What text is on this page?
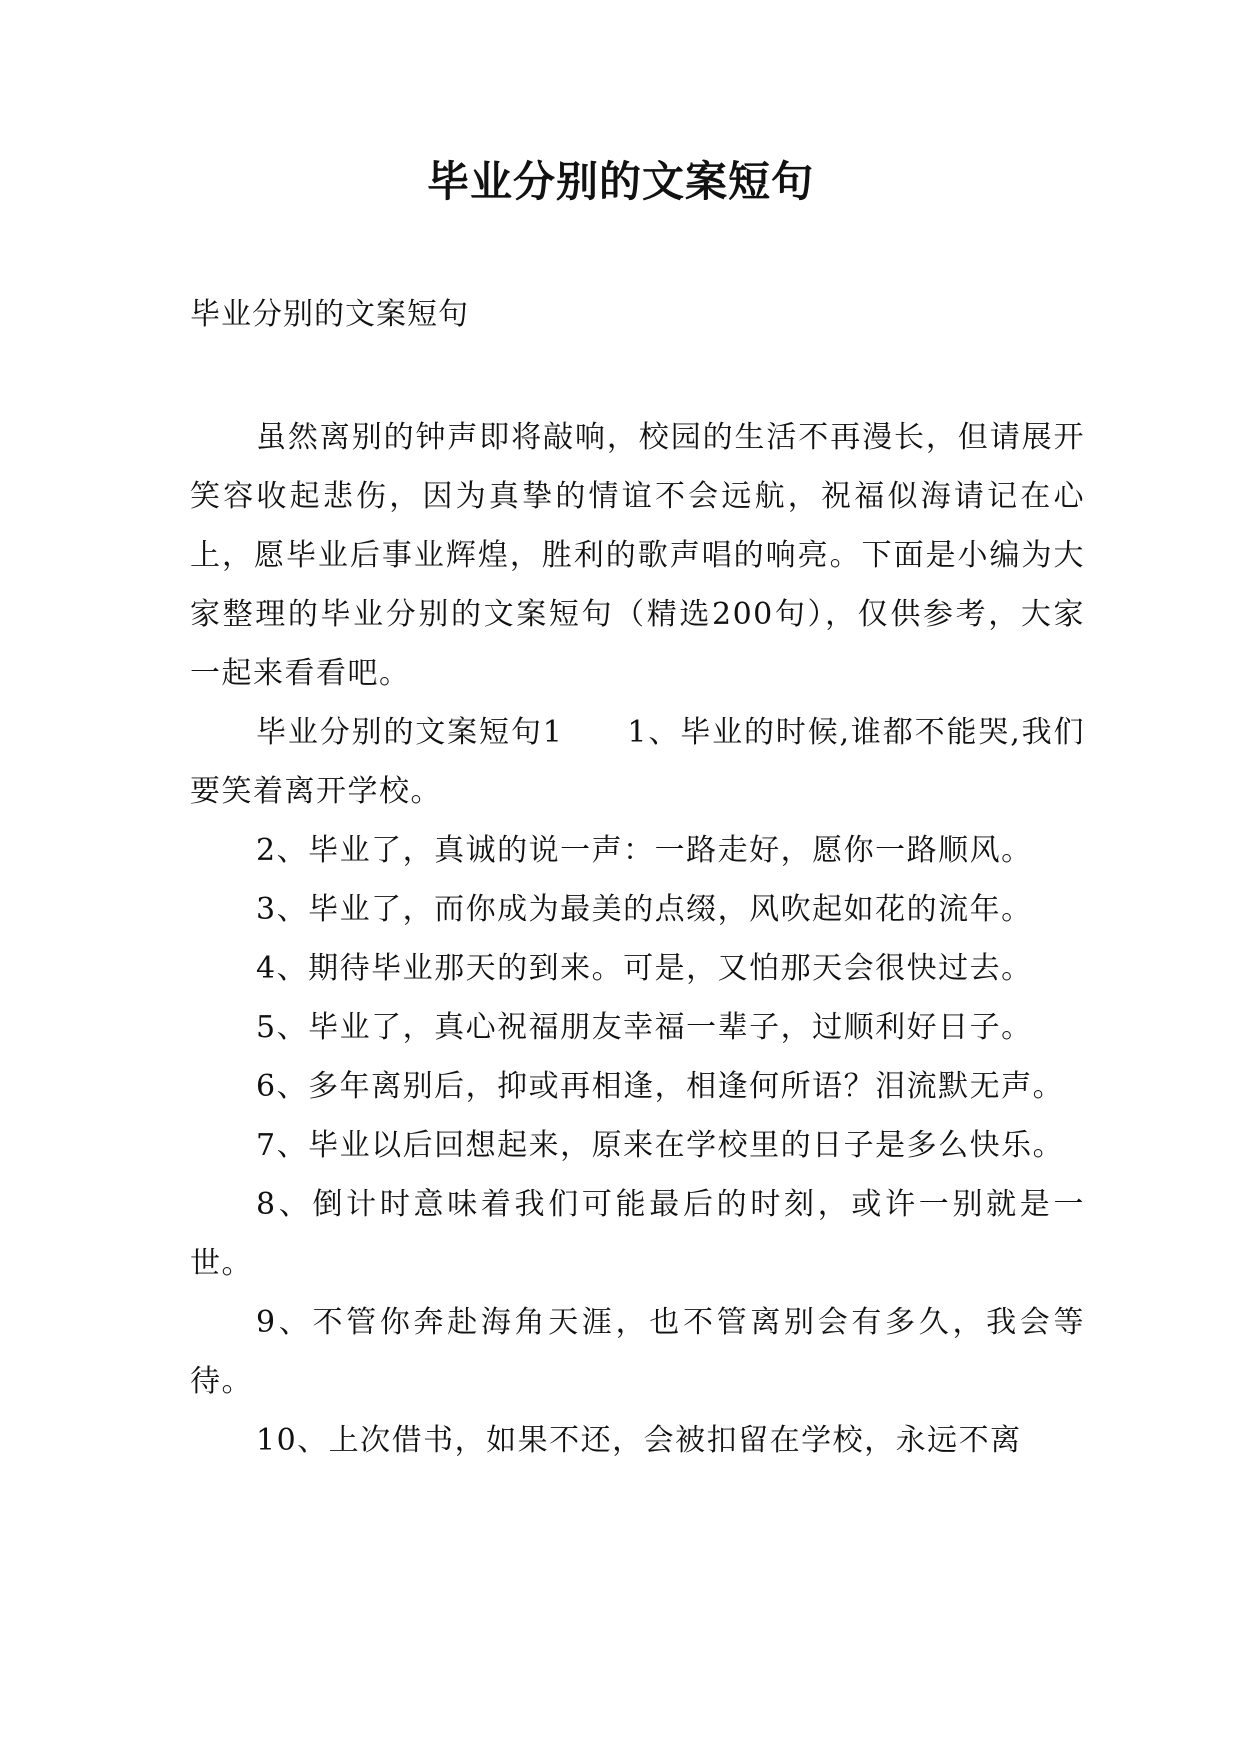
毕业分别的文案短句

毕业分别的文案短句

虽然离别的钟声即将敲响，校园的生活不再漫长，但请展开笑容收起悲伤，因为真挚的情谊不会远航，祝福似海请记在心上，愿毕业后事业辉煌，胜利的歌声唱的响亮。下面是小编为大家整理的毕业分别的文案短句（精选200句），仅供参考，大家一起来看看吧。

毕业分别的文案短句1　　1、毕业的时候,谁都不能哭,我们要笑着离开学校。

2、毕业了，真诚的说一声：一路走好，愿你一路顺风。

3、毕业了，而你成为最美的点缀，风吹起如花的流年。

4、期待毕业那天的到来。可是，又怕那天会很快过去。

5、毕业了，真心祝福朋友幸福一辈子，过顺利好日子。

6、多年离别后，抑或再相逢，相逢何所语？泪流默无声。

7、毕业以后回想起来，原来在学校里的日子是多么快乐。

8、倒计时意味着我们可能最后的时刻，或许一别就是一世。

9、不管你奔赴海角天涯，也不管离别会有多久，我会等待。

10、上次借书，如果不还，会被扣留在学校，永远不离
